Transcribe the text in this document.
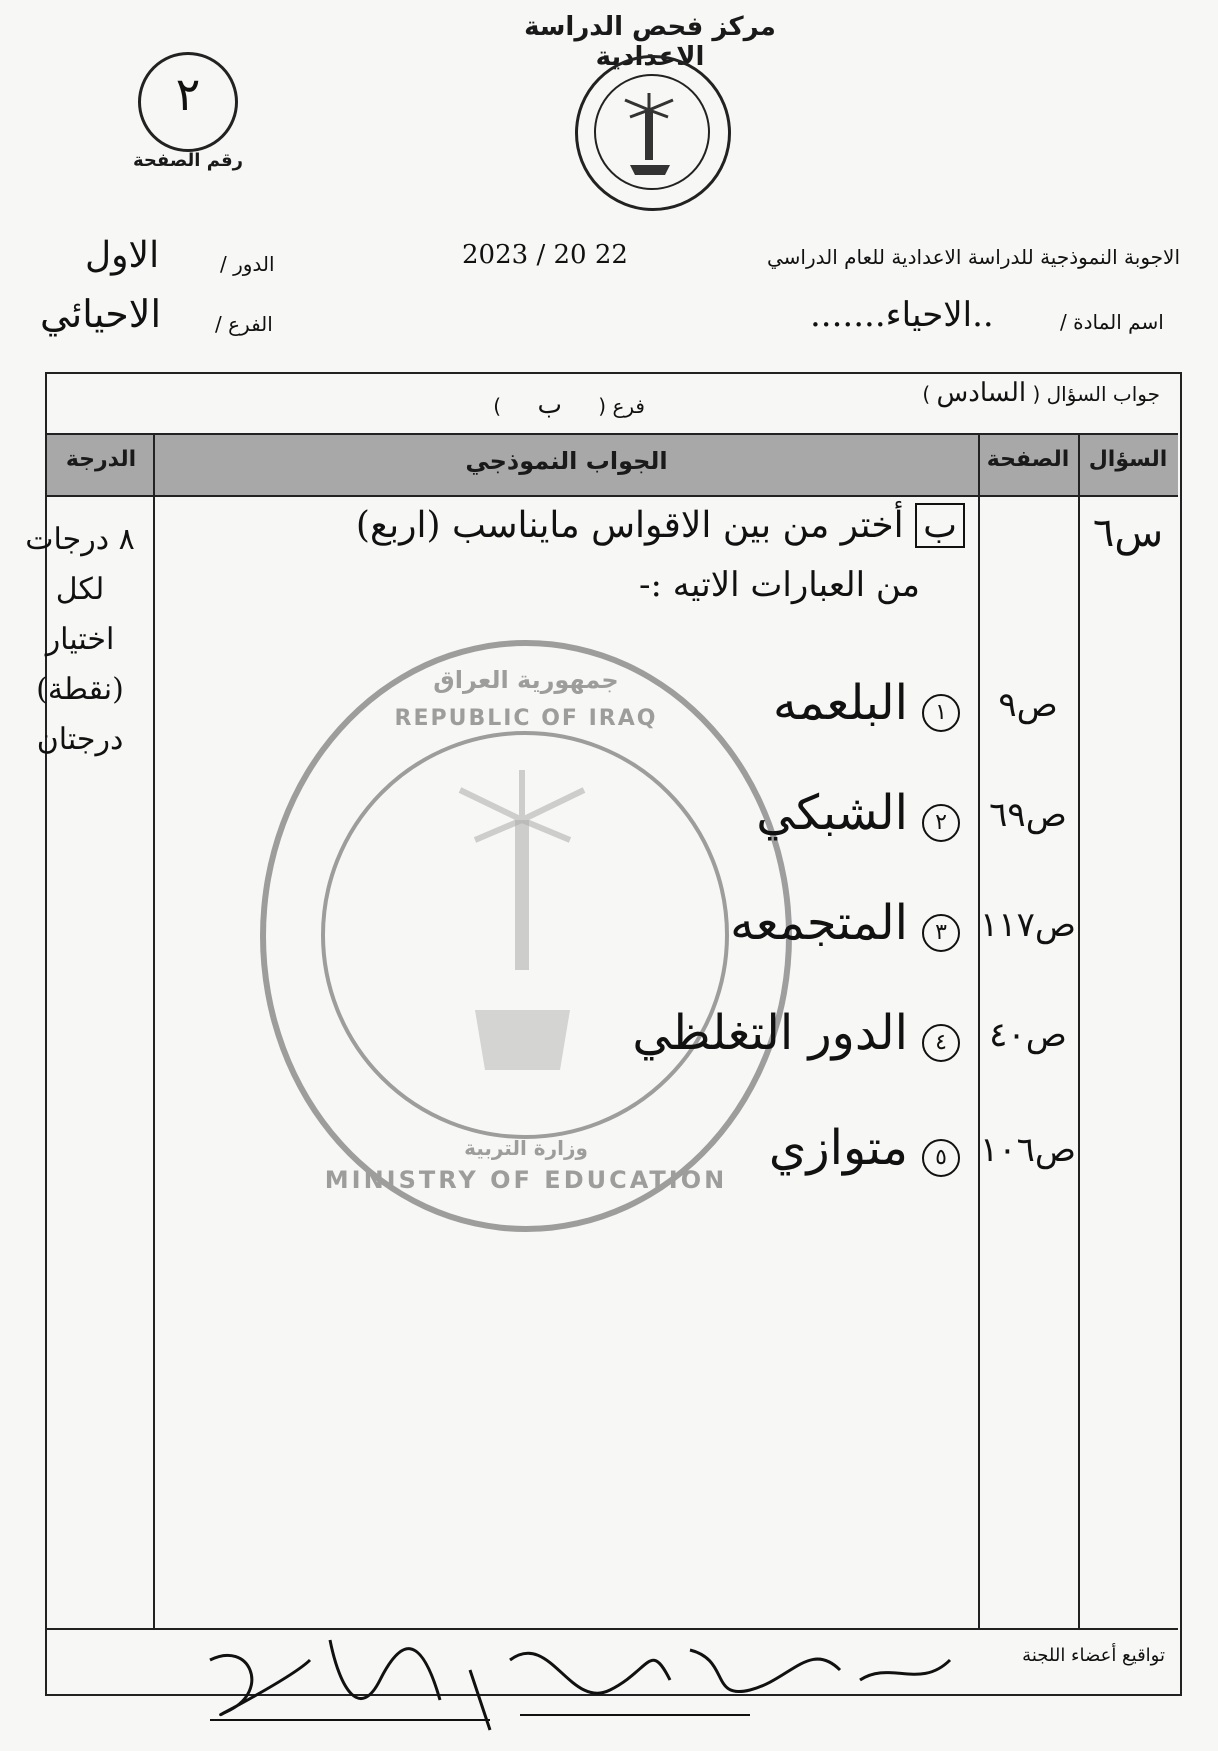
مركز فحص الدراسة الاعدادية
٢
رقم الصفحة
الاجوبة النموذجية للدراسة الاعدادية للعام الدراسي
2023 / 20 22
الدور /
الاول
اسم المادة /
..الاحياء.......
الفرع /
الاحيائي
جواب السؤال ( السادس )
فرع ( ب )
السؤال
الصفحة
الجواب النموذجي
الدرجة
جمهورية العراق
REPUBLIC OF IRAQ
وزارة التربية
MINISTRY OF EDUCATION
س٦
ب أختر من بين الاقواس مايناسب (اربع)
من العبارات الاتيه :-
ص٩
١البلعمه
ص٦٩
٢الشبكي
ص١١٧
٣المتجمعه
ص٤٠
٤الدور التغلظي
ص١٠٦
٥متوازي
٨ درجات
لكل
اختيار
(نقطة)
درجتان
تواقيع أعضاء اللجنة
